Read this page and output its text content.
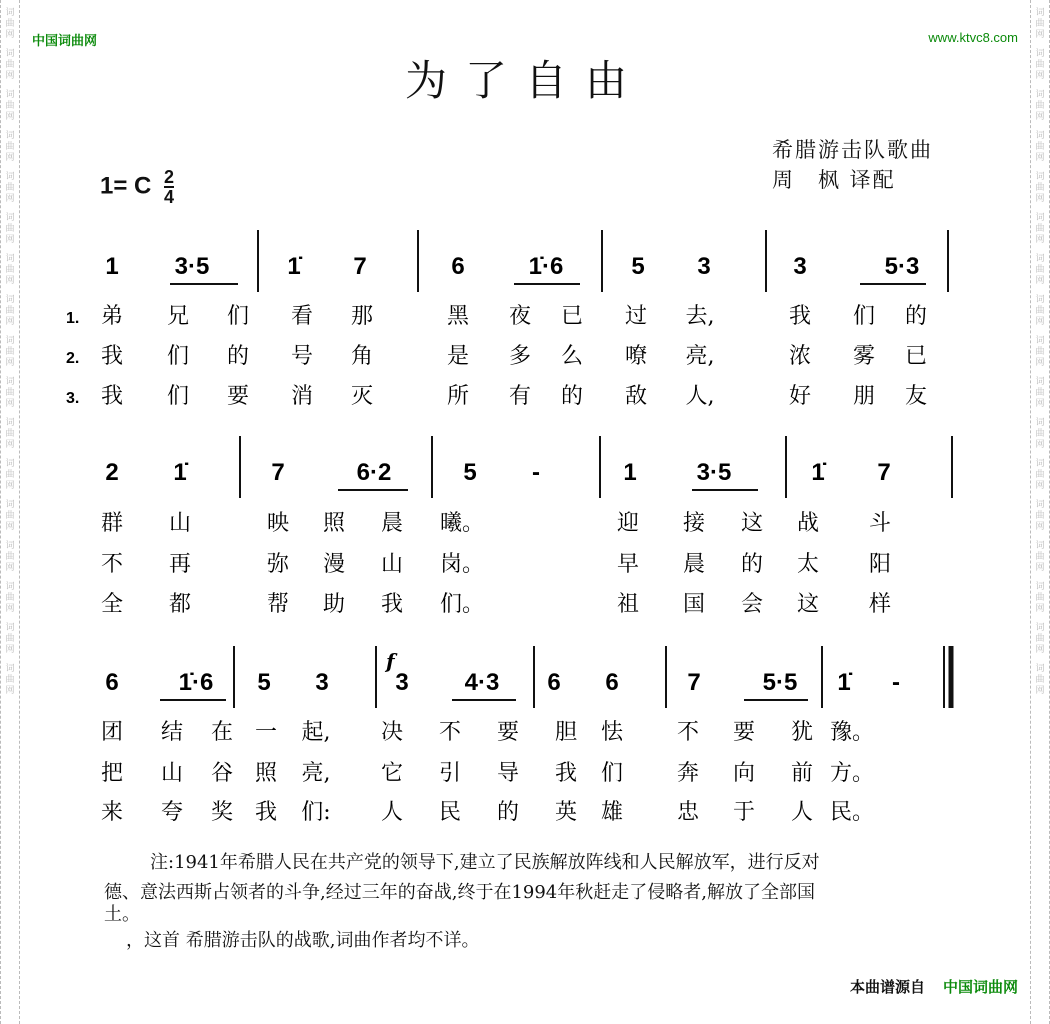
词
曲
网
词
曲
网
词
曲
网
词
曲
网
词
曲
网
词
曲
网
词
曲
网
词
曲
网
词
曲
网
词
曲
网
词
曲
网
词
曲
网
词
曲
网
词
曲
网
词
曲
网
词
曲
网
词
曲
网
词
曲
网
词
曲
网
词
曲
网
词
曲
网
词
曲
网
词
曲
网
词
曲
网
词
曲
网
词
曲
网
词
曲
网
词
曲
网
词
曲
网
词
曲
网
词
曲
网
词
曲
网
词
曲
网
词
曲
网
中国词曲网	www.ktvc8.com
为了自由
希腊游击队歌曲
周　枫 译配
1= C $\frac{2}{4}$
1 3·5	1̇ 7	6	1̇·6	5 3	3	5·3
1.
2.
3.
弟 兄 们 看 那	黑 夜 已 过 去,	我 们 的
我 们 的 号 角	是 多 么 嘹 亮,	浓 雾 已
我 们 要 消 灭	所 有 的 敌 人,	好 朋 友
2 1̇	7	6·2	5 -	1 3·5	1̇ 7
群 山	映 照 晨 曦。	迎 接 这 战 斗
不 再	弥 漫 山 岗。	早 晨 的 太 阳
全 都	帮 助 我 们。	祖 国 会 这 样
6 1̇·6 5 3	3 4·3 6 6	7	5·5 1̇ -
f
团 结 在 一 起, 决 不 要 胆 怯 不 要 犹 豫。
把 山 谷 照 亮, 它 引 导 我 们 奔 向 前 方。
来 夸 奖 我 们: 人 民 的 英 雄 忠 于 人 民。
注:1941年希腊人民在共产党的领导下,建立了民族解放阵线和人民解放军，进行反对
德、意法西斯占领者的斗争,经过三年的奋战,终于在1994年秋赶走了侵略者,解放了全部国
土。
，这首 希腊游击队的战歌,词曲作者均不详。
本曲谱源自 中国词曲网
